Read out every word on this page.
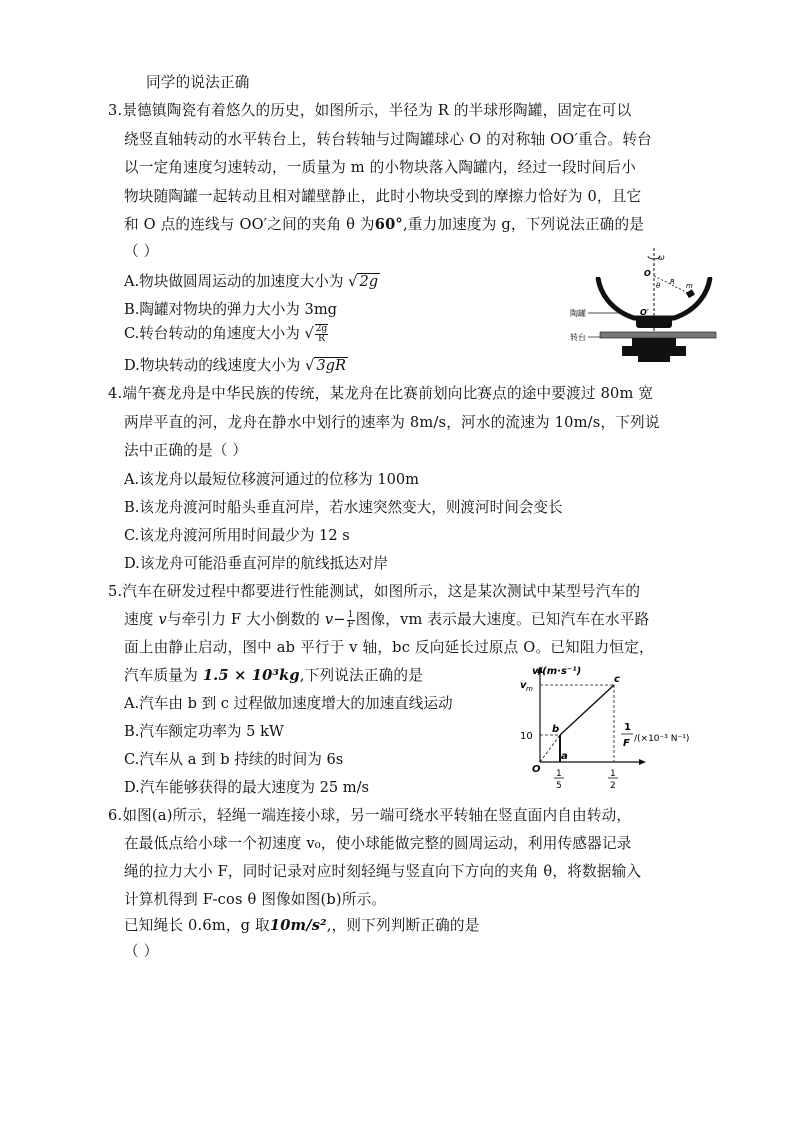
同学的说法正确
3.景德镇陶瓷有着悠久的历史，如图所示，半径为 R 的半球形陶罐，固定在可以
绕竖直轴转动的水平转台上，转台转轴与过陶罐球心 O 的对称轴 OO′重合。转台
以一定角速度匀速转动，一质量为 m 的小物块落入陶罐内，经过一段时间后小
物块随陶罐一起转动且相对罐壁静止，此时小物块受到的摩擦力恰好为 0，且它
和 O 点的连线与 OO′之间的夹角 θ 为60°,重力加速度为 g，下列说法正确的是
（ ）
A.物块做圆周运动的加速度大小为 √ 2g
B.陶罐对物块的弹力大小为 3mg
C.转台转动的角速度大小为 √ $\frac{2g}{R}$
D.物块转动的线速度大小为 √ 3gR
ω
O
θ R m
O′
陶罐
转台
4.端午赛龙舟是中华民族的传统，某龙舟在比赛前划向比赛点的途中要渡过 80m 宽
两岸平直的河，龙舟在静水中划行的速率为 8m/s，河水的流速为 10m/s，下列说
法中正确的是（ ）
A.该龙舟以最短位移渡河通过的位移为 100m
B.该龙舟渡河时船头垂直河岸，若水速突然变大，则渡河时间会变长
C.该龙舟渡河所用时间最少为 12 s
D.该龙舟可能沿垂直河岸的航线抵达对岸
5.汽车在研发过程中都要进行性能测试，如图所示，这是某次测试中某型号汽车的
速度 v与牵引力 F 大小倒数的 $v- \frac{1}{F}$ 图像，vm 表示最大速度。已知汽车在水平路
面上由静止启动，图中 ab 平行于 v 轴，bc 反向延长过原点 O。已知阻力恒定，
汽车质量为 1.5 × 10³kg,下列说法正确的是
A.汽车由 b 到 c 过程做加速度增大的加速直线运动
B.汽车额定功率为 5 kW
C.汽车从 a 到 b 持续的时间为 6s
D.汽车能够获得的最大速度为 25 m/s
v/(m·s⁻¹)
v m
10
O
a
b
c
1
5
1
2
1
F /(×10⁻³ N⁻¹)
6.如图(a)所示，轻绳一端连接小球，另一端可绕水平转轴在竖直面内自由转动，
在最低点给小球一个初速度 v₀，使小球能做完整的圆周运动，利用传感器记录
绳的拉力大小 F，同时记录对应时刻轻绳与竖直向下方向的夹角 θ，将数据输入
计算机得到 F-cos θ 图像如图(b)所示。
已知绳长 0.6m，g 取10m/s²,，则下列判断正确的是
（ ）
